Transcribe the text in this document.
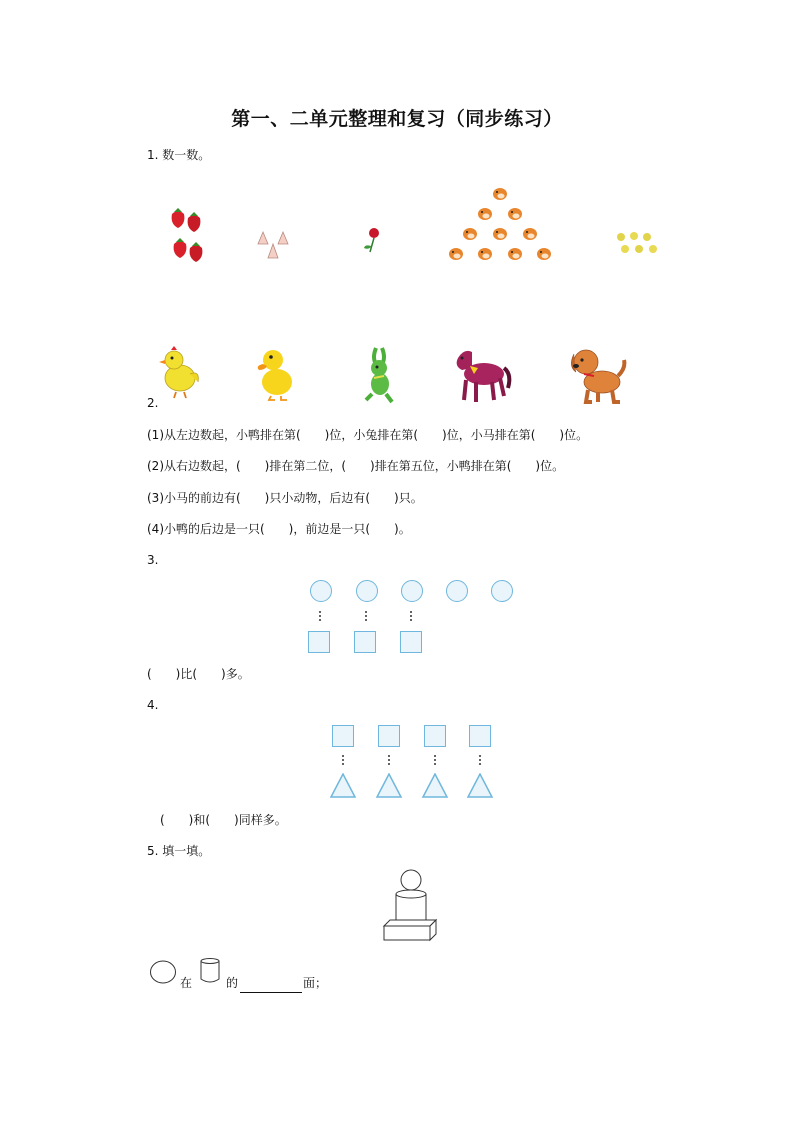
第一、二单元整理和复习（同步练习）
1. 数一数。
2.
(1)从左边数起，小鸭排在第(　　)位，小兔排在第(　　)位，小马排在第(　　)位。
(2)从右边数起，(　　)排在第二位，(　　)排在第五位，小鸭排在第(　　)位。
(3)小马的前边有(　　)只小动物，后边有(　　)只。
(4)小鸭的后边是一只(　　)，前边是一只(　　)。
3.
(　　)比(　　)多。
4.
(　　)和(　　)同样多。
5. 填一填。
在	的	面；
